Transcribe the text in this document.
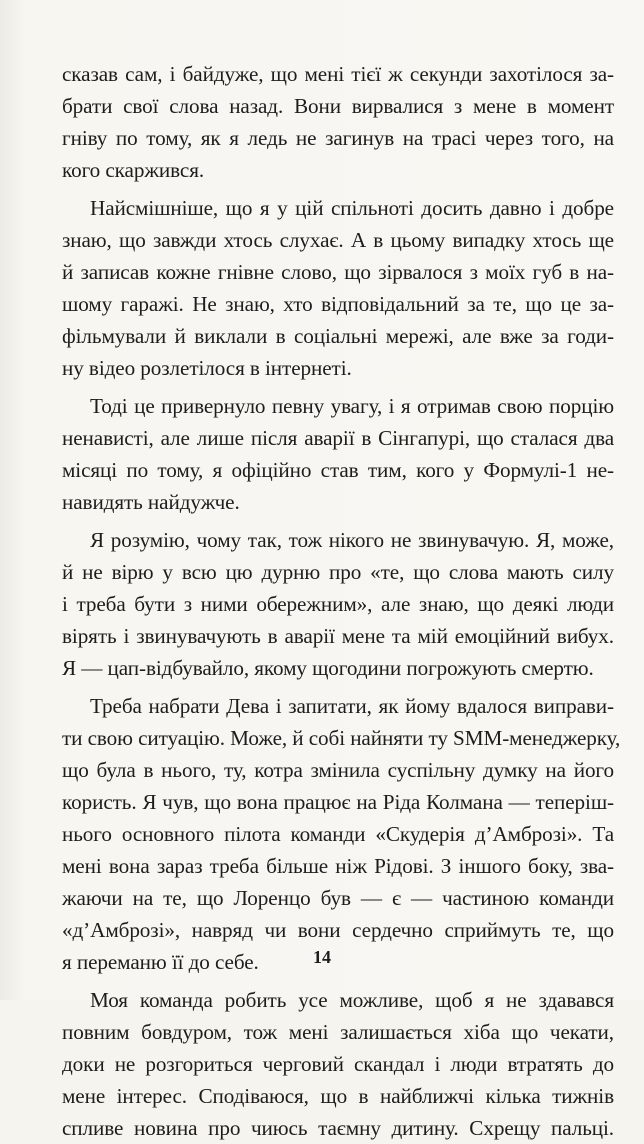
сказав сам, і байдуже, що мені тієї ж секунди захотілося за-
брати свої слова назад. Вони вирвалися з мене в момент
гніву по тому, як я ледь не загинув на трасі через того, на
кого скаржився.
Найсмішніше, що я у цій спільноті досить давно і добре
знаю, що завжди хтось слухає. А в цьому випадку хтось ще
й записав кожне гнівне слово, що зірвалося з моїх губ в на-
шому гаражі. Не знаю, хто відповідальний за те, що це за-
фільмували й виклали в соціальні мережі, але вже за годи-
ну відео розлетілося в інтернеті.
Тоді це привернуло певну увагу, і я отримав свою порцію
ненависті, але лише після аварії в Сінгапурі, що сталася два
місяці по тому, я офіційно став тим, кого у Формулі-1 не-
навидять найдужче.
Я розумію, чому так, тож нікого не звинувачую. Я, може,
й не вірю у всю цю дурню про «те, що слова мають силу
і треба бути з ними обережним», але знаю, що деякі люди
вірять і звинувачують в аварії мене та мій емоційний вибух.
Я — цап-відбувайло, якому щогодини погрожують смертю.
Треба набрати Дева і запитати, як йому вдалося виправи-
ти свою ситуацію. Може, й собі найняти ту SMM-менеджерку,
що була в нього, ту, котра змінила суспільну думку на його
користь. Я чув, що вона працює на Ріда Колмана — теперіш-
нього основного пілота команди «Скудерія д’Амброзі». Та
мені вона зараз треба більше ніж Рідові. З іншого боку, зва-
жаючи на те, що Лоренцо був — є — частиною команди
«д’Амброзі», навряд чи вони сердечно сприймуть те, що
я переманю її до себе.
Моя команда робить усе можливе, щоб я не здавався
повним бовдуром, тож мені залишається хіба що чекати,
доки не розгориться черговий скандал і люди втратять до
мене інтерес. Сподіваюся, що в найближчі кілька тижнів
спливе новина про чиюсь таємну дитину. Схрещу пальці.
14
